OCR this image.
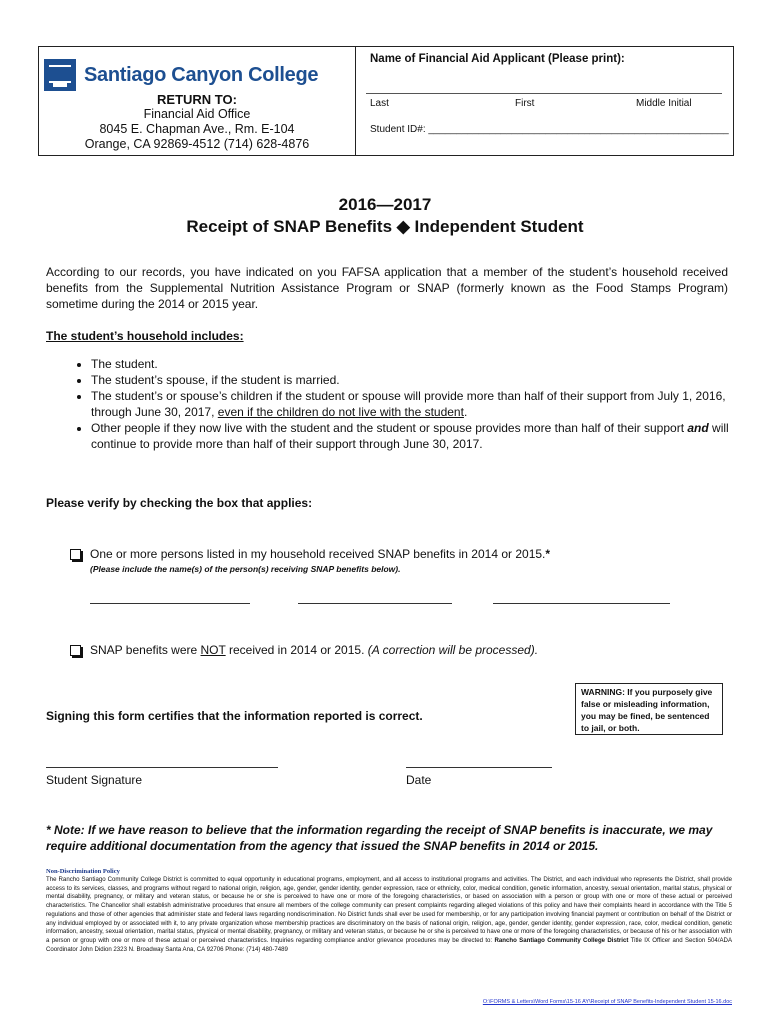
Santiago Canyon College
RETURN TO:
Financial Aid Office
8045 E. Chapman Ave., Rm. E-104
Orange, CA 92869-4512 (714) 628-4876
Name of Financial Aid Applicant (Please print):
Last	First	Middle Initial
Student ID#: ______________________________________________________
2016—2017
Receipt of SNAP Benefits ◆ Independent Student
According to our records, you have indicated on you FAFSA application that a member of the student’s household received benefits from the Supplemental Nutrition Assistance Program or SNAP (formerly known as the Food Stamps Program) sometime during the 2014 or 2015 year.
The student’s household includes:
• The student.
• The student’s spouse, if the student is married.
• The student’s or spouse’s children if the student or spouse will provide more than half of their support from July 1, 2016, through June 30, 2017, even if the children do not live with the student.
• Other people if they now live with the student and the student or spouse provides more than half of their support and will continue to provide more than half of their support through June 30, 2017.
Please verify by checking the box that applies:
One or more persons listed in my household received SNAP benefits in 2014 or 2015.*
(Please include the name(s) of the person(s) receiving SNAP benefits below).
SNAP benefits were NOT received in 2014 or 2015. (A correction will be processed).
WARNING: If you purposely give false or misleading information, you may be fined, be sentenced to jail, or both.
Signing this form certifies that the information reported is correct.
Student Signature	Date
* Note: If we have reason to believe that the information regarding the receipt of SNAP benefits is inaccurate, we may require additional documentation from the agency that issued the SNAP benefits in 2014 or 2015.
Non-Discrimination Policy
The Rancho Santiago Community College District is committed to equal opportunity in educational programs, employment, and all access to institutional programs and activities. The District, and each individual who represents the District, shall provide access to its services, classes, and programs without regard to national origin, religion, age, gender, gender identity, gender expression, race or ethnicity, color, medical condition, genetic information, ancestry, sexual orientation, marital status, physical or mental disability, pregnancy, or military and veteran status, or because he or she is perceived to have one or more of the foregoing characteristics, or based on association with a person or group with one or more of these actual or perceived characteristics. The Chancellor shall establish administrative procedures that ensure all members of the college community can present complaints regarding alleged violations of this policy and have their complaints heard in accordance with the Title 5 regulations and those of other agencies that administer state and federal laws regarding nondiscrimination. No District funds shall ever be used for membership, or for any participation involving financial payment or contribution on behalf of the District or any individual employed by or associated with it, to any private organization whose membership practices are discriminatory on the basis of national origin, religion, age, gender, gender identity, gender expression, race, color, medical condition, genetic information, ancestry, sexual orientation, marital status, physical or mental disability, pregnancy, or military and veteran status, or because he or she is perceived to have one or more of the foregoing characteristics, or because of his or her association with a person or group with one or more of these actual or perceived characteristics. Inquiries regarding compliance and/or grievance procedures may be directed to: Rancho Santiago Community College District Title IX Officer and Section 504/ADA Coordinator John Didion 2323 N. Broadway Santa Ana, CA 92706 Phone: (714) 480-7489
O:\FORMS & Letters\Word Forms\15-16 AY\Receipt of SNAP Benefits-Independent Student 15-16.doc
